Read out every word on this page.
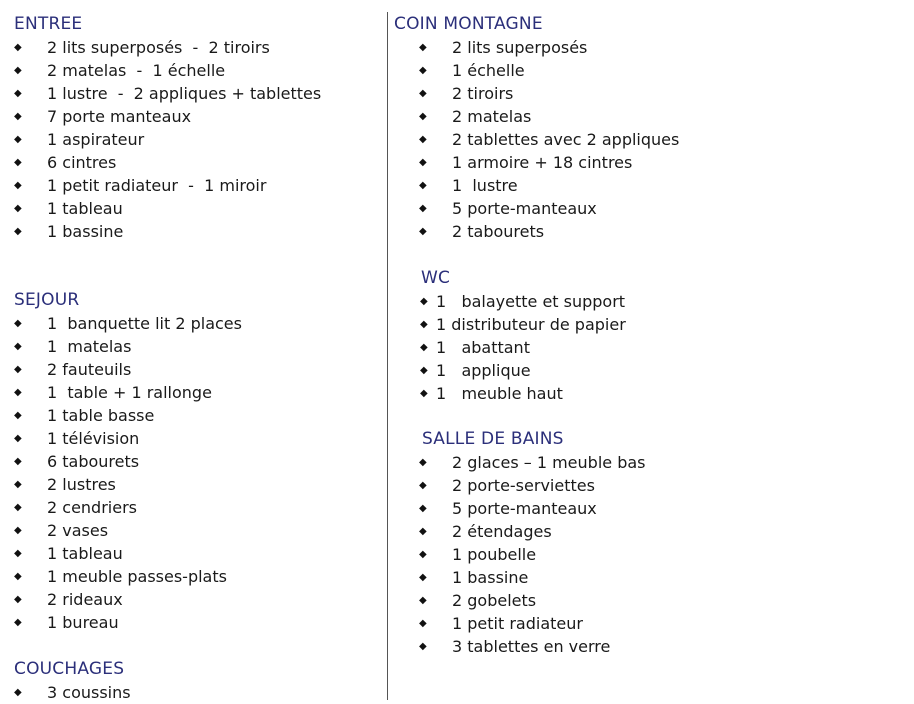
ENTREE
◆ 2 lits superposés  -  2 tiroirs
◆ 2 matelas  -  1 échelle
◆ 1 lustre  -  2 appliques + tablettes
◆ 7 porte manteaux
◆ 1 aspirateur
◆ 6 cintres
◆ 1 petit radiateur  -  1 miroir
◆ 1 tableau
◆ 1 bassine
SEJOUR
◆ 1  banquette lit 2 places
◆ 1  matelas
◆ 2 fauteuils
◆ 1  table + 1 rallonge
◆ 1 table basse
◆ 1 télévision
◆ 6 tabourets
◆ 2 lustres
◆ 2 cendriers
◆ 2 vases
◆ 1 tableau
◆ 1 meuble passes-plats
◆ 2 rideaux
◆ 1 bureau
COUCHAGES
◆ 3 coussins
COIN MONTAGNE
◆ 2 lits superposés
◆ 1 échelle
◆ 2 tiroirs
◆ 2 matelas
◆ 2 tablettes avec 2 appliques
◆ 1 armoire + 18 cintres
◆ 1  lustre
◆ 5 porte-manteaux
◆ 2 tabourets
WC
◆ 1   balayette et support
◆ 1 distributeur de papier
◆ 1   abattant
◆ 1   applique
◆ 1   meuble haut
SALLE DE BAINS
◆ 2 glaces – 1 meuble bas
◆ 2 porte-serviettes
◆ 5 porte-manteaux
◆ 2 étendages
◆ 1 poubelle
◆ 1 bassine
◆ 2 gobelets
◆ 1 petit radiateur
◆ 3 tablettes en verre
